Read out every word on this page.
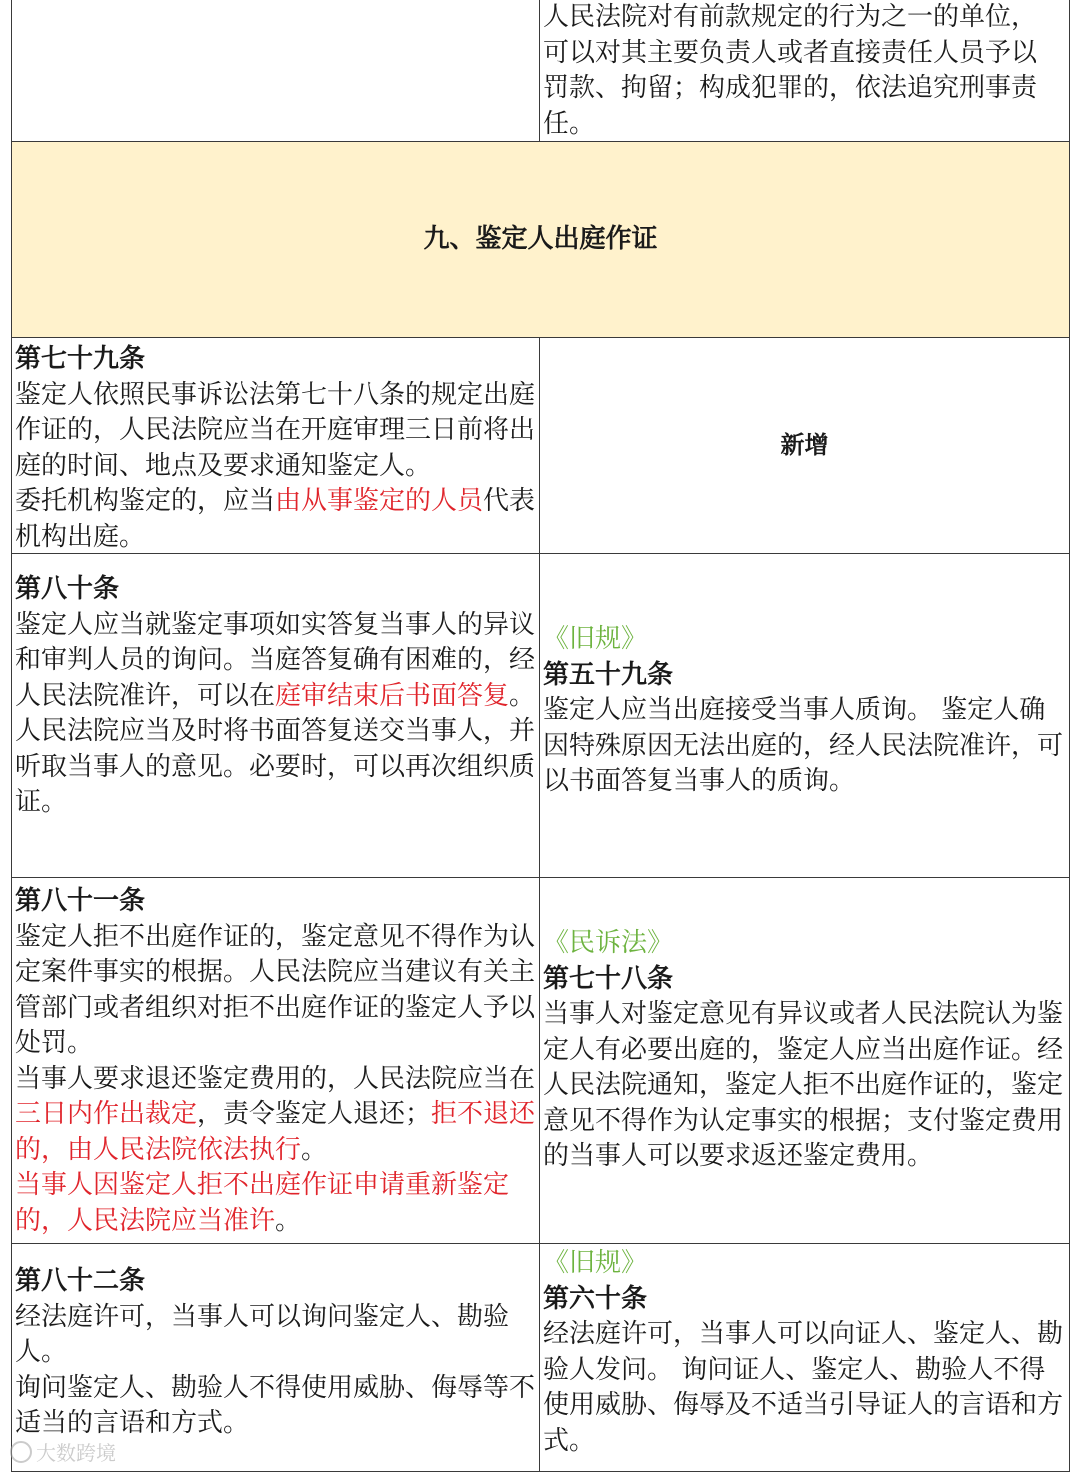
人民法院对有前款规定的行为之一的单位，
可以对其主要负责人或者直接责任人员予以
罚款、拘留；构成犯罪的，依法追究刑事责
任。
九、鉴定人出庭作证
第七十九条
鉴定人依照民事诉讼法第七十八条的规定出庭作证的，人民法院应当在开庭审理三日前将出庭的时间、地点及要求通知鉴定人。
委托机构鉴定的，应当由从事鉴定的人员代表机构出庭。
新增
第八十条
鉴定人应当就鉴定事项如实答复当事人的异议和审判人员的询问。当庭答复确有困难的，经人民法院准许，可以在庭审结束后书面答复。
人民法院应当及时将书面答复送交当事人，并听取当事人的意见。必要时，可以再次组织质证。
《旧规》
第五十九条
鉴定人应当出庭接受当事人质询。 鉴定人确因特殊原因无法出庭的，经人民法院准许，可以书面答复当事人的质询。
第八十一条
鉴定人拒不出庭作证的，鉴定意见不得作为认定案件事实的根据。人民法院应当建议有关主管部门或者组织对拒不出庭作证的鉴定人予以处罚。
当事人要求退还鉴定费用的，人民法院应当在三日内作出裁定，责令鉴定人退还；拒不退还的，由人民法院依法执行。
当事人因鉴定人拒不出庭作证申请重新鉴定的，人民法院应当准许。
《民诉法》
第七十八条
当事人对鉴定意见有异议或者人民法院认为鉴定人有必要出庭的，鉴定人应当出庭作证。经人民法院通知，鉴定人拒不出庭作证的，鉴定意见不得作为认定事实的根据；支付鉴定费用的当事人可以要求返还鉴定费用。
第八十二条
经法庭许可，当事人可以询问鉴定人、勘验人。
询问鉴定人、勘验人不得使用威胁、侮辱等不适当的言语和方式。
《旧规》
第六十条
经法庭许可，当事人可以向证人、鉴定人、勘验人发问。 询问证人、鉴定人、勘验人不得使用威胁、侮辱及不适当引导证人的言语和方式。
大数跨境
